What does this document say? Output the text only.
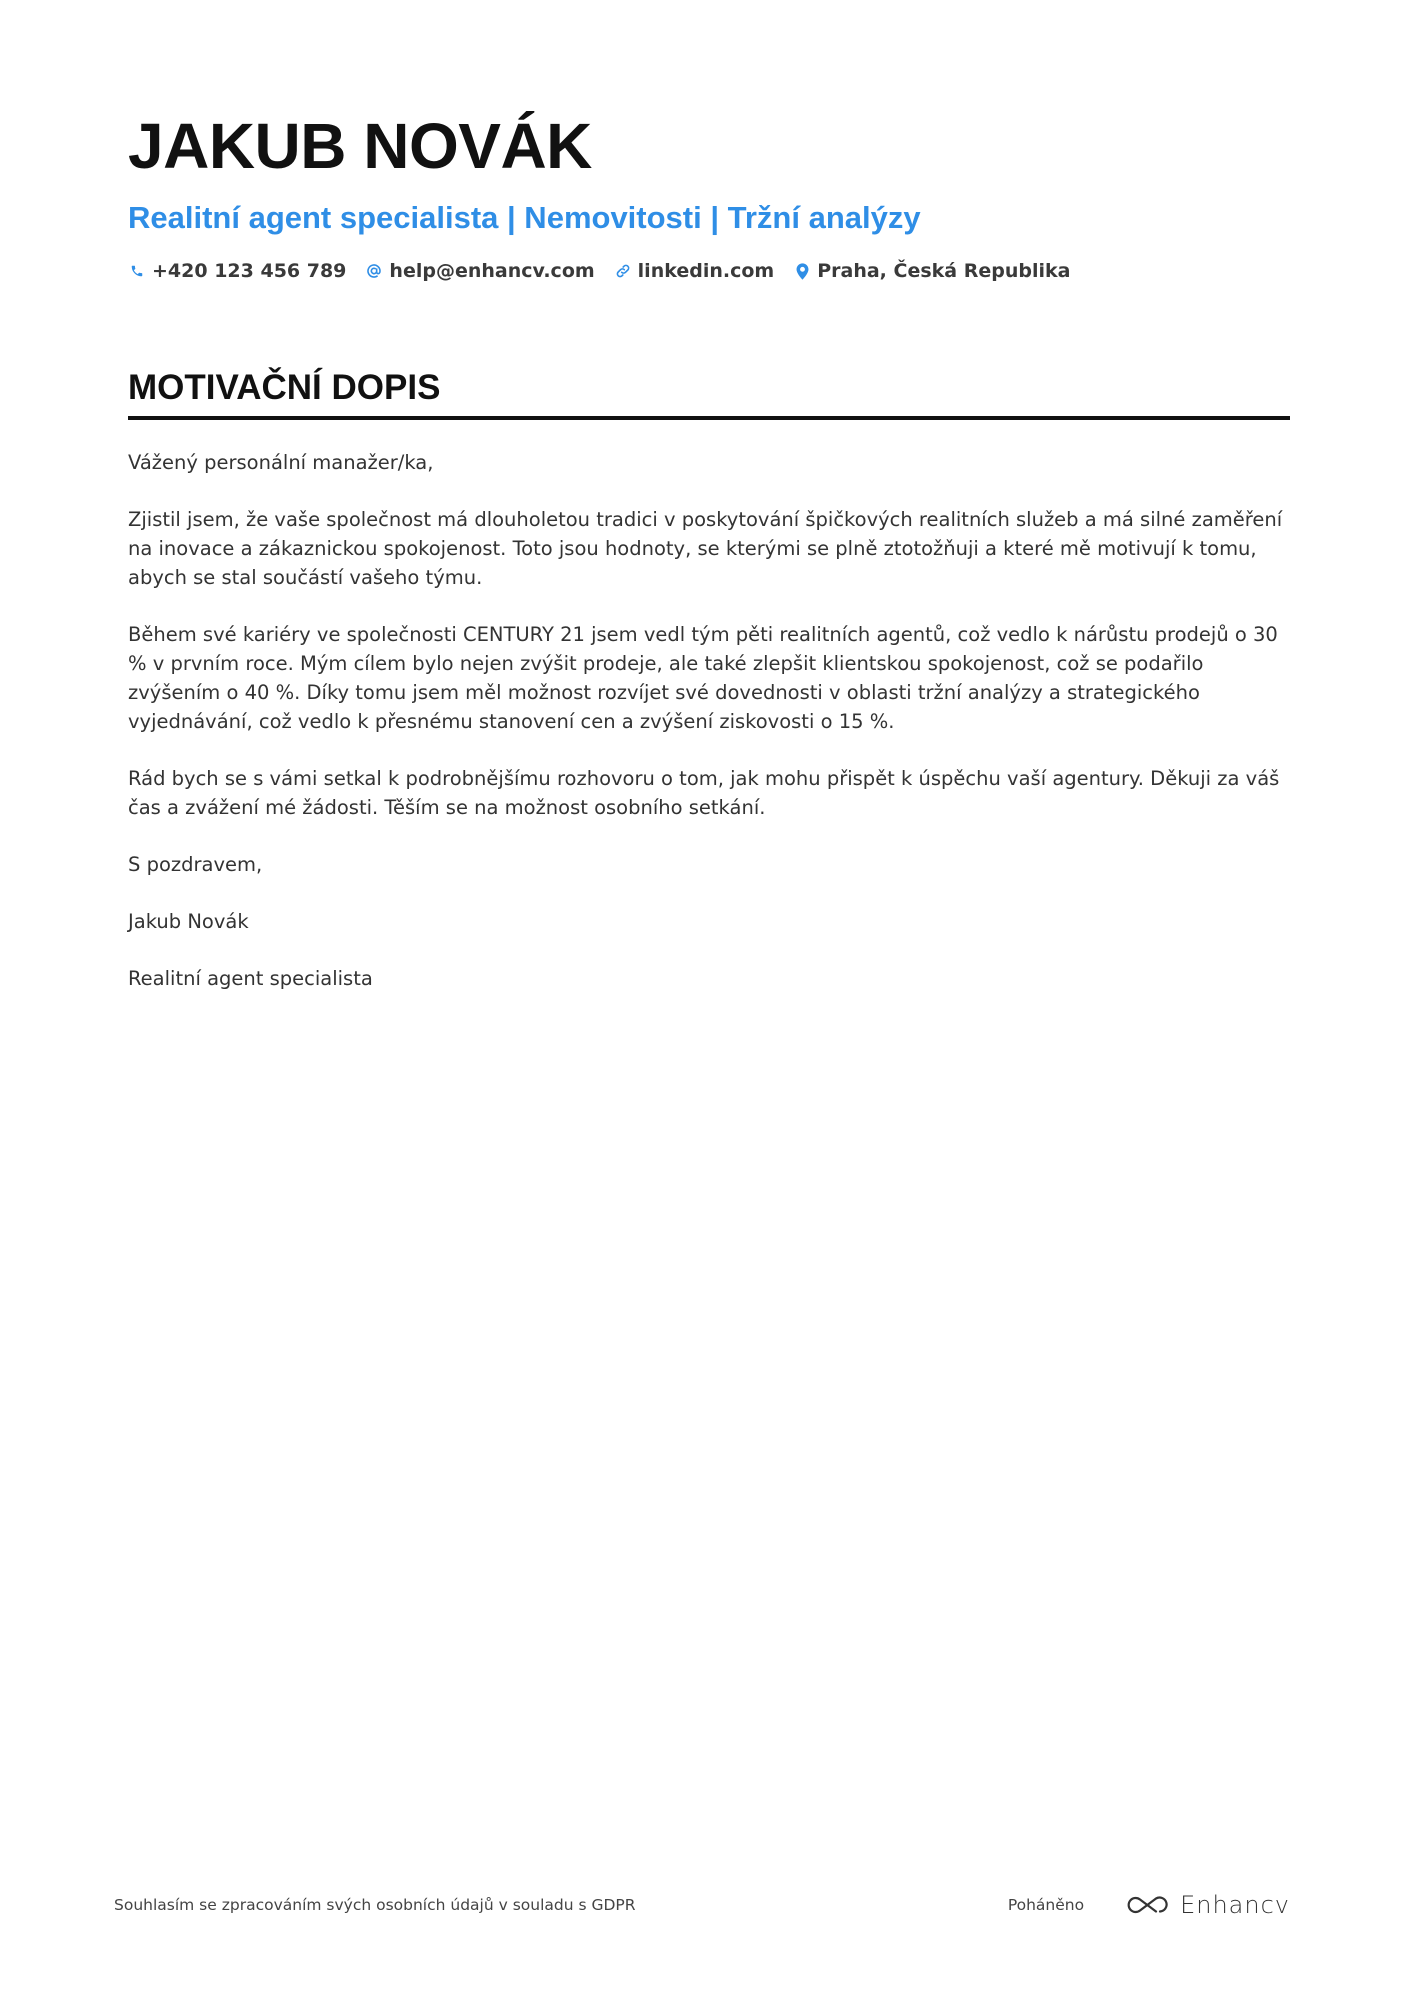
JAKUB NOVÁK
Realitní agent specialista | Nemovitosti | Tržní analýzy
+420 123 456 789 help@enhancv.com linkedin.com Praha, Česká Republika
MOTIVAČNÍ DOPIS

Vážený personální manažer/ka,

Zjistil jsem, že vaše společnost má dlouholetou tradici v poskytování špičkových realitních služeb a má silné zaměření na inovace a zákaznickou spokojenost. Toto jsou hodnoty, se kterými se plně ztotožňuji a které mě motivují k tomu, abych se stal součástí vašeho týmu.

Během své kariéry ve společnosti CENTURY 21 jsem vedl tým pěti realitních agentů, což vedlo k nárůstu prodejů o 30 % v prvním roce. Mým cílem bylo nejen zvýšit prodeje, ale také zlepšit klientskou spokojenost, což se podařilo zvýšením o 40 %. Díky tomu jsem měl možnost rozvíjet své dovednosti v oblasti tržní analýzy a strategického vyjednávání, což vedlo k přesnému stanovení cen a zvýšení ziskovosti o 15 %.

Rád bych se s vámi setkal k podrobnějšímu rozhovoru o tom, jak mohu přispět k úspěchu vaší agentury. Děkuji za váš čas a zvážení mé žádosti. Těším se na možnost osobního setkání.

S pozdravem,

Jakub Novák

Realitní agent specialista

Souhlasím se zpracováním svých osobních údajů v souladu s GDPR	Poháněno	Enhancv
